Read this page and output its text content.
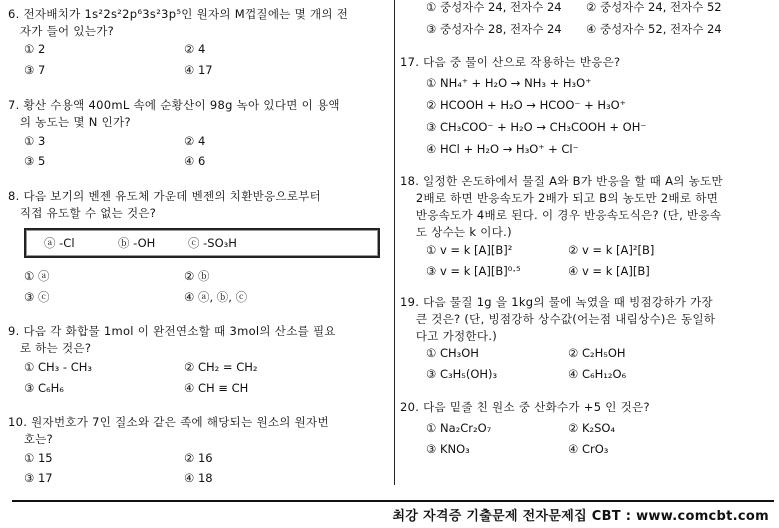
6. 전자배치가 1s²2s²2p⁶3s²3p⁵인 원자의 M껍질에는 몇 개의 전
자가 들어 있는가?
① 2	② 4
③ 7	④ 17
7. 황산 수용액 400mL 속에 순황산이 98g 녹아 있다면 이 용액
의 농도는 몇 N 인가?
① 3	② 4
③ 5	④ 6
8. 다음 보기의 벤젠 유도체 가운데 벤젠의 치환반응으로부터
직접 유도할 수 없는 것은?
ⓐ -Cl	ⓑ -OH	ⓒ -SO₃H
① ⓐ	② ⓑ
③ ⓒ	④ ⓐ, ⓑ, ⓒ
9. 다음 각 화합물 1mol 이 완전연소할 때 3mol의 산소를 필요
로 하는 것은?
① CH₃ - CH₃	② CH₂ = CH₂
③ C₆H₆	④ CH ≡ CH
10. 원자번호가 7인 질소와 같은 족에 해당되는 원소의 원자번
호는?
① 15	② 16
③ 17	④ 18
① 중성자수 24, 전자수 24 ② 중성자수 24, 전자수 52
③ 중성자수 28, 전자수 24 ④ 중성자수 52, 전자수 24
17. 다음 중 물이 산으로 작용하는 반응은?
① NH₄⁺ + H₂O → NH₃ + H₃O⁺
② HCOOH + H₂O → HCOO⁻ + H₃O⁺
③ CH₃COO⁻ + H₂O → CH₃COOH + OH⁻
④ HCl + H₂O → H₃O⁺ + Cl⁻
18. 일정한 온도하에서 물질 A와 B가 반응을 할 때 A의 농도만
2배로 하면 반응속도가 2배가 되고 B의 농도만 2배로 하면
반응속도가 4배로 된다. 이 경우 반응속도식은? (단, 반응속
도 상수는 k 이다.)
① v = k [A][B]²	② v = k [A]²[B]
③ v = k [A][B]⁰·⁵	④ v = k [A][B]
19. 다음 물질 1g 을 1kg의 물에 녹였을 때 빙점강하가 가장
큰 것은? (단, 빙점강하 상수값(어는점 내림상수)은 동일하
다고 가정한다.)
① CH₃OH	② C₂H₅OH
③ C₃H₅(OH)₃	④ C₆H₁₂O₆
20. 다음 밑줄 친 원소 중 산화수가 +5 인 것은?
① Na₂Cr₂O₇	② K₂SO₄
③ KNO₃	④ CrO₃
최강 자격증 기출문제 전자문제집 CBT : www.comcbt.com
